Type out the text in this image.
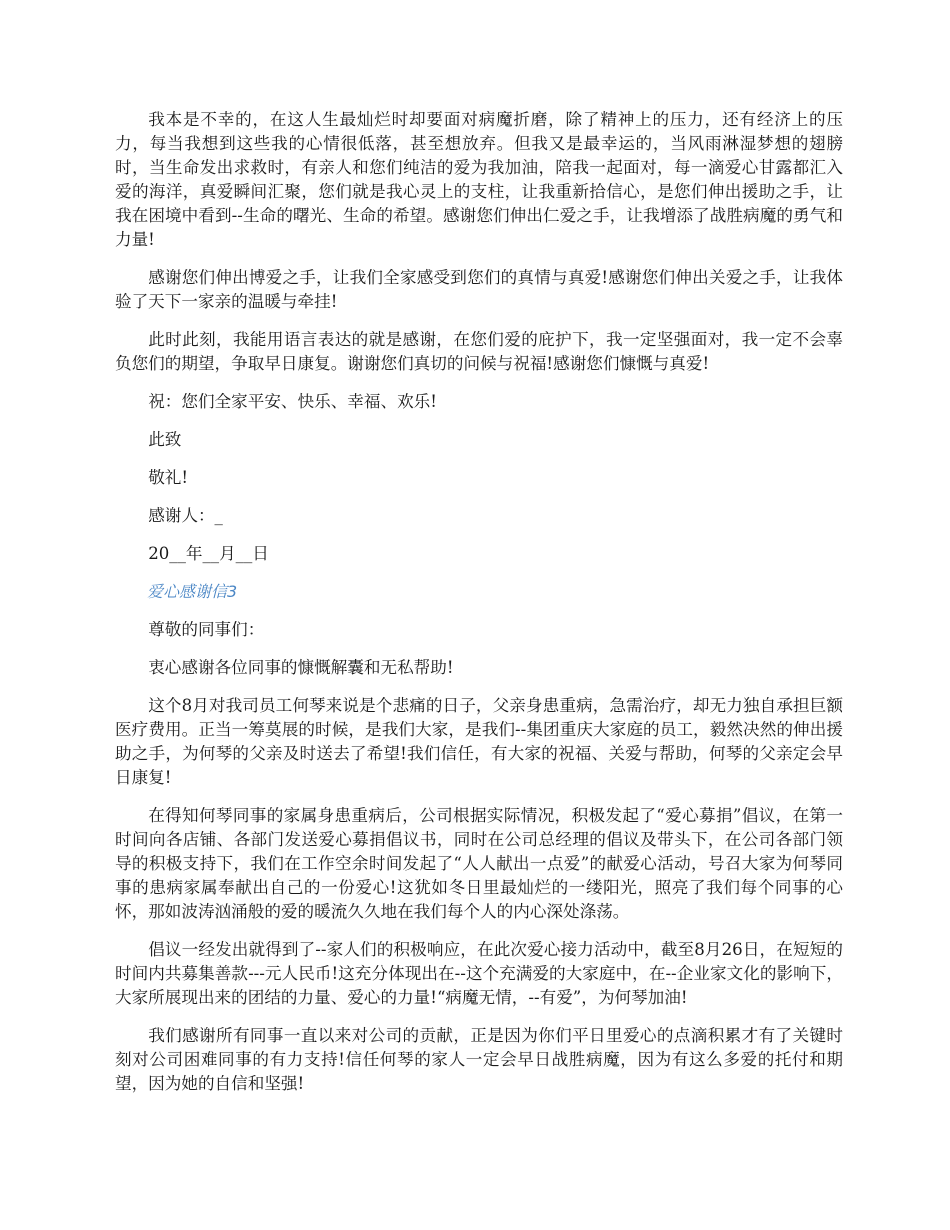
我本是不幸的，在这人生最灿烂时却要面对病魔折磨，除了精神上的压力，还有经济上的压力，每当我想到这些我的心情很低落，甚至想放弃。但我又是最幸运的，当风雨淋湿梦想的翅膀时，当生命发出求救时，有亲人和您们纯洁的爱为我加油，陪我一起面对，每一滴爱心甘露都汇入爱的海洋，真爱瞬间汇聚，您们就是我心灵上的支柱，让我重新拾信心，是您们伸出援助之手，让我在困境中看到--生命的曙光、生命的希望。感谢您们伸出仁爱之手，让我增添了战胜病魔的勇气和力量!

感谢您们伸出博爱之手，让我们全家感受到您们的真情与真爱!感谢您们伸出关爱之手，让我体验了天下一家亲的温暖与牵挂!

此时此刻，我能用语言表达的就是感谢，在您们爱的庇护下，我一定坚强面对，我一定不会辜负您们的期望，争取早日康复。谢谢您们真切的问候与祝福!感谢您们慷慨与真爱!

祝：您们全家平安、快乐、幸福、欢乐!

此致

敬礼!

感谢人：_

20__年__月__日

爱心感谢信3

尊敬的同事们：

衷心感谢各位同事的慷慨解囊和无私帮助!

这个8月对我司员工何琴来说是个悲痛的日子，父亲身患重病，急需治疗，却无力独自承担巨额医疗费用。正当一筹莫展的时候，是我们大家，是我们--集团重庆大家庭的员工，毅然决然的伸出援助之手，为何琴的父亲及时送去了希望!我们信任，有大家的祝福、关爱与帮助，何琴的父亲定会早日康复!

在得知何琴同事的家属身患重病后，公司根据实际情况，积极发起了“爱心募捐”倡议，在第一时间向各店铺、各部门发送爱心募捐倡议书，同时在公司总经理的倡议及带头下，在公司各部门领导的积极支持下，我们在工作空余时间发起了“人人献出一点爱”的献爱心活动，号召大家为何琴同事的患病家属奉献出自己的一份爱心!这犹如冬日里最灿烂的一缕阳光，照亮了我们每个同事的心怀，那如波涛汹涌般的爱的暖流久久地在我们每个人的内心深处涤荡。

倡议一经发出就得到了--家人们的积极响应，在此次爱心接力活动中，截至8月26日，在短短的时间内共募集善款---元人民币!这充分体现出在--这个充满爱的大家庭中，在--企业家文化的影响下，大家所展现出来的团结的力量、爱心的力量!“病魔无情，--有爱”，为何琴加油!

我们感谢所有同事一直以来对公司的贡献，正是因为你们平日里爱心的点滴积累才有了关键时刻对公司困难同事的有力支持!信任何琴的家人一定会早日战胜病魔，因为有这么多爱的托付和期望，因为她的自信和坚强!
